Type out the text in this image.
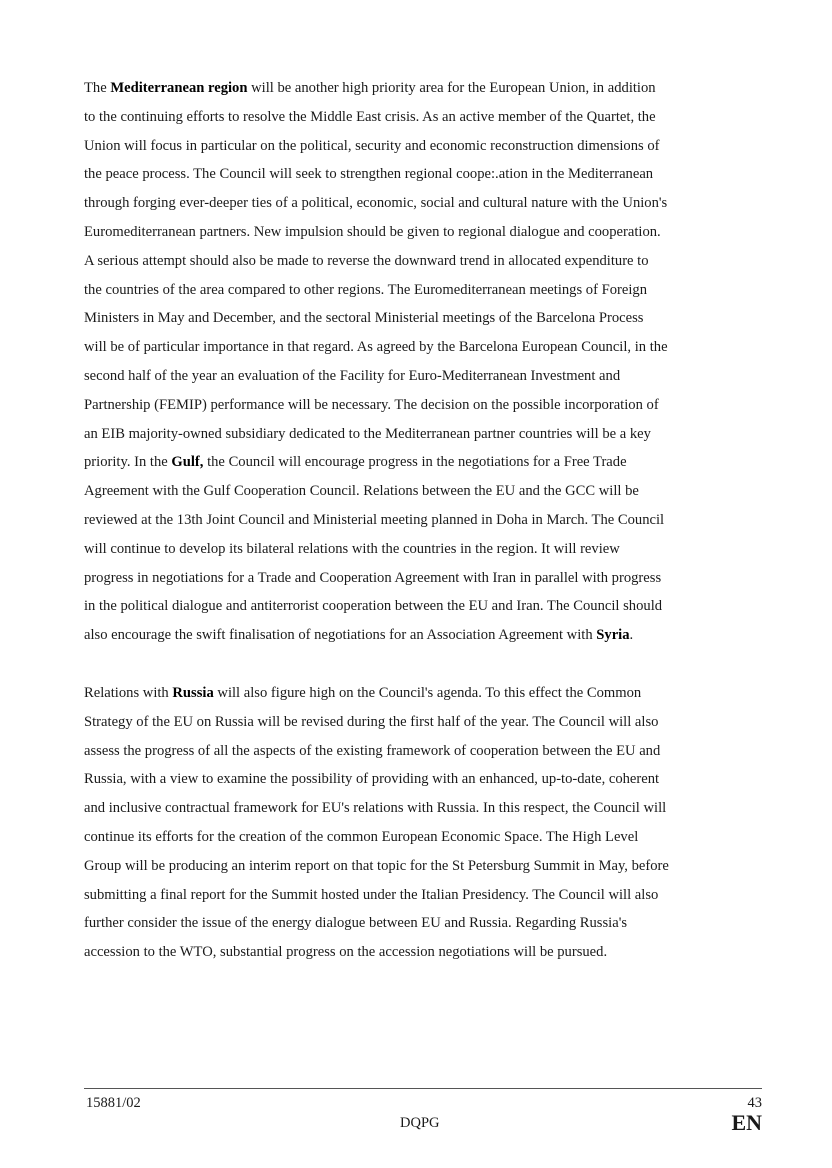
The Mediterranean region will be another high priority area for the European Union, in addition
to the continuing efforts to resolve the Middle East crisis. As an active member of the Quartet, the
Union will focus in particular on the political, security and economic reconstruction dimensions of
the peace process. The Council will seek to strengthen regional coope:.ation in the Mediterranean
through forging ever-deeper ties of a political, economic, social and cultural nature with the Union's
Euromediterranean partners. New impulsion should be given to regional dialogue and cooperation.
A serious attempt should also be made to reverse the downward trend in allocated expenditure to
the countries of the area compared to other regions. The Euromediterranean meetings of Foreign
Ministers in May and December, and the sectoral Ministerial meetings of the Barcelona Process
will be of particular importance in that regard. As agreed by the Barcelona European Council, in the
second half of the year an evaluation of the Facility for Euro-Mediterranean Investment and
Partnership (FEMIP) performance will be necessary. The decision on the possible incorporation of
an EIB majority-owned subsidiary dedicated to the Mediterranean partner countries will be a key
priority. In the Gulf, the Council will encourage progress in the negotiations for a Free Trade
Agreement with the Gulf Cooperation Council. Relations between the EU and the GCC will be
reviewed at the 13th Joint Council and Ministerial meeting planned in Doha in March. The Council
will continue to develop its bilateral relations with the countries in the region. It will review
progress in negotiations for a Trade and Cooperation Agreement with Iran in parallel with progress
in the political dialogue and antiterrorist cooperation between the EU and Iran. The Council should
also encourage the swift finalisation of negotiations for an Association Agreement with Syria.
Relations with Russia will also figure high on the Council's agenda. To this effect the Common
Strategy of the EU on Russia will be revised during the first half of the year. The Council will also
assess the progress of all the aspects of the existing framework of cooperation between the EU and
Russia, with a view to examine the possibility of providing with an enhanced, up-to-date, coherent
and inclusive contractual framework for EU's relations with Russia. In this respect, the Council will
continue its efforts for the creation of the common European Economic Space. The High Level
Group will be producing an interim report on that topic for the St Petersburg Summit in May, before
submitting a final report for the Summit hosted under the Italian Presidency. The Council will also
further consider the issue of the energy dialogue between EU and Russia. Regarding Russia's
accession to the WTO, substantial progress on the accession negotiations will be pursued.
15881/02
DQPG
43
EN
